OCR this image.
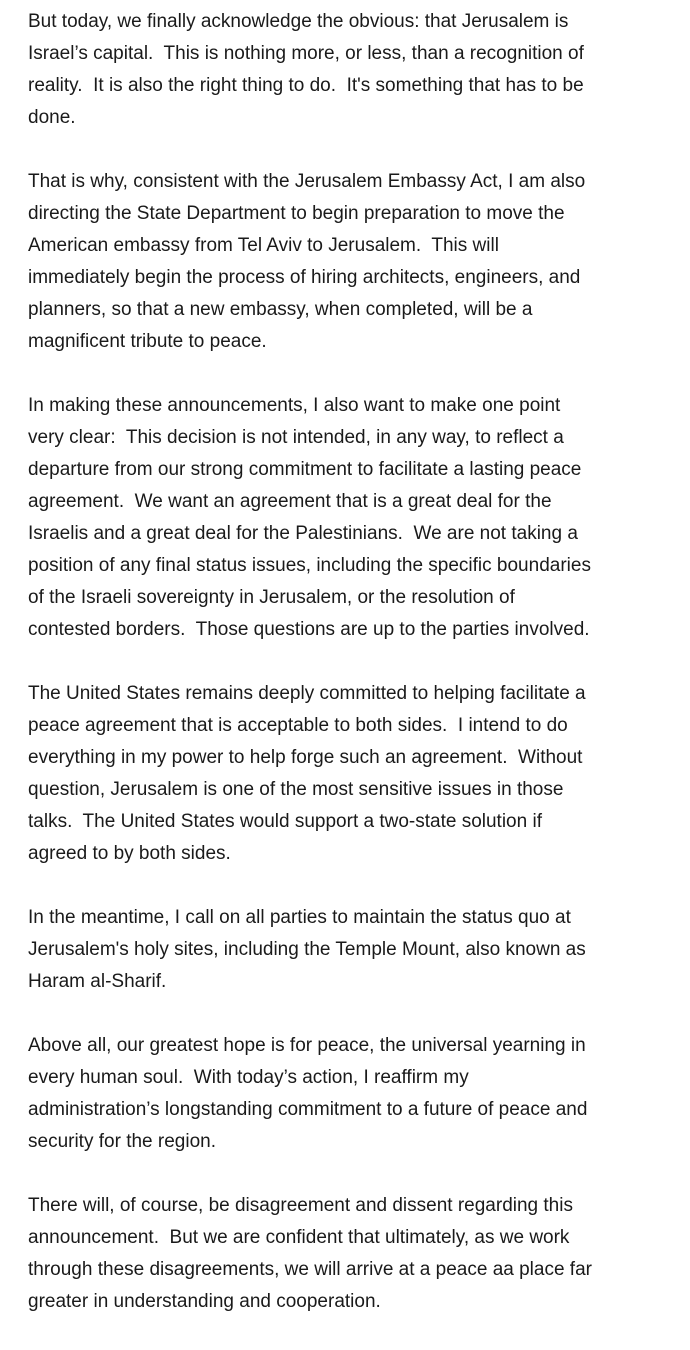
But today, we finally acknowledge the obvious: that Jerusalem is
Israel’s capital.  This is nothing more, or less, than a recognition of
reality.  It is also the right thing to do.  It's something that has to be
done.

That is why, consistent with the Jerusalem Embassy Act, I am also
directing the State Department to begin preparation to move the
American embassy from Tel Aviv to Jerusalem.  This will
immediately begin the process of hiring architects, engineers, and
planners, so that a new embassy, when completed, will be a
magnificent tribute to peace.

In making these announcements, I also want to make one point
very clear:  This decision is not intended, in any way, to reflect a
departure from our strong commitment to facilitate a lasting peace
agreement.  We want an agreement that is a great deal for the
Israelis and a great deal for the Palestinians.  We are not taking a
position of any final status issues, including the specific boundaries
of the Israeli sovereignty in Jerusalem, or the resolution of
contested borders.  Those questions are up to the parties involved.

The United States remains deeply committed to helping facilitate a
peace agreement that is acceptable to both sides.  I intend to do
everything in my power to help forge such an agreement.  Without
question, Jerusalem is one of the most sensitive issues in those
talks.  The United States would support a two-state solution if
agreed to by both sides.

In the meantime, I call on all parties to maintain the status quo at
Jerusalem's holy sites, including the Temple Mount, also known as
Haram al-Sharif.

Above all, our greatest hope is for peace, the universal yearning in
every human soul.  With today’s action, I reaffirm my
administration’s longstanding commitment to a future of peace and
security for the region.

There will, of course, be disagreement and dissent regarding this
announcement.  But we are confident that ultimately, as we work
through these disagreements, we will arrive at a peace aa place far
greater in understanding and cooperation.
